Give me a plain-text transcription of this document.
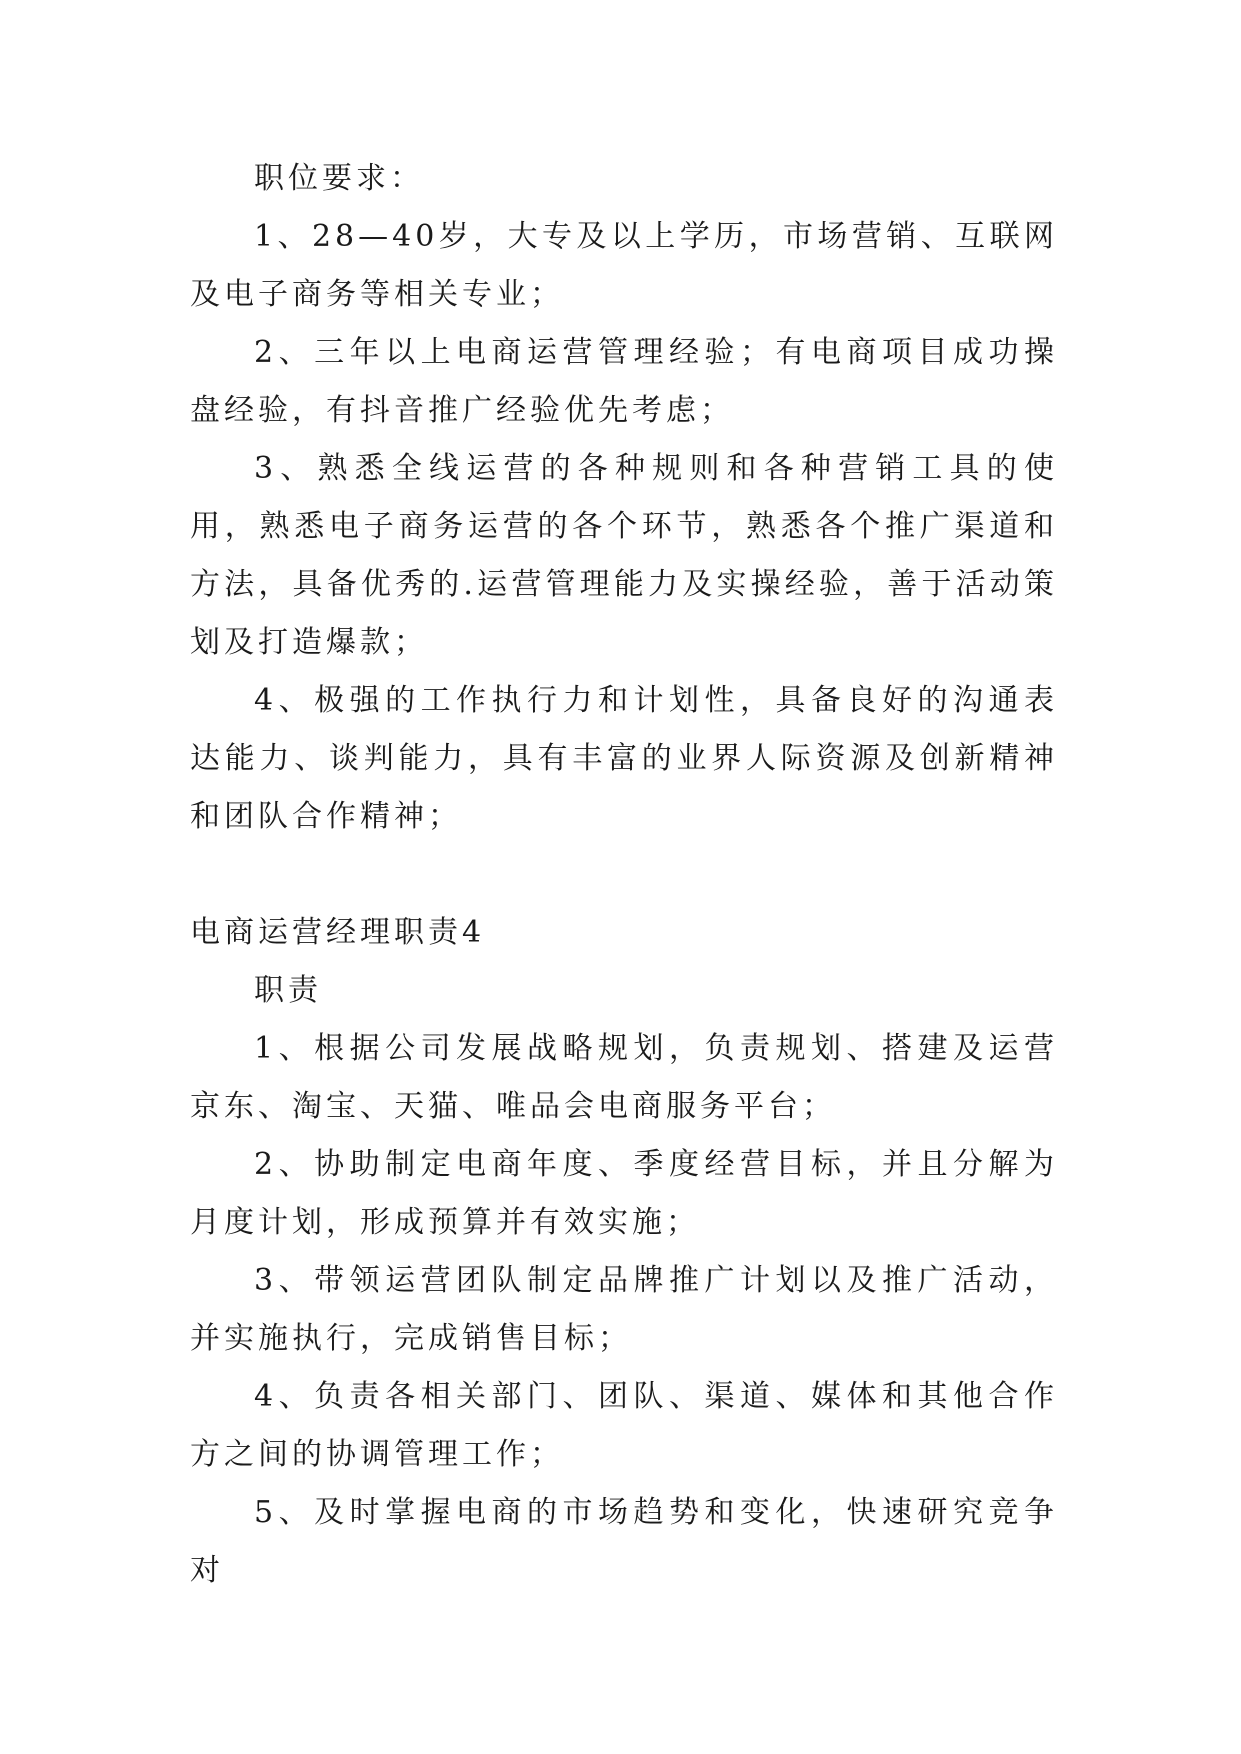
职位要求：

1、28—40岁，大专及以上学历，市场营销、互联网及电子商务等相关专业；

2、三年以上电商运营管理经验；有电商项目成功操盘经验，有抖音推广经验优先考虑；

3、熟悉全线运营的各种规则和各种营销工具的使用，熟悉电子商务运营的各个环节，熟悉各个推广渠道和方法，具备优秀的.运营管理能力及实操经验，善于活动策划及打造爆款；

4、极强的工作执行力和计划性，具备良好的沟通表达能力、谈判能力，具有丰富的业界人际资源及创新精神和团队合作精神；

电商运营经理职责4

职责

1、根据公司发展战略规划，负责规划、搭建及运营京东、淘宝、天猫、唯品会电商服务平台；

2、协助制定电商年度、季度经营目标，并且分解为月度计划，形成预算并有效实施；

3、带领运营团队制定品牌推广计划以及推广活动，并实施执行，完成销售目标；

4、负责各相关部门、团队、渠道、媒体和其他合作方之间的协调管理工作；

5、及时掌握电商的市场趋势和变化，快速研究竞争对
